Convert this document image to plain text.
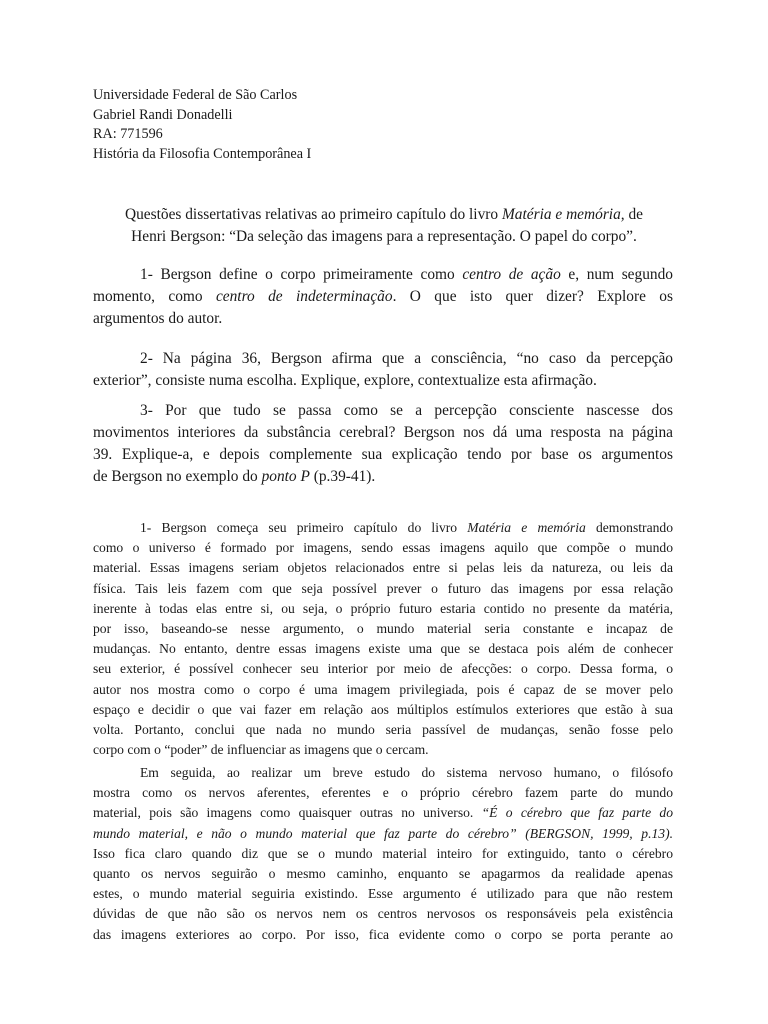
Universidade Federal de São Carlos
Gabriel Randi Donadelli
RA: 771596
História da Filosofia Contemporânea I
Questões dissertativas relativas ao primeiro capítulo do livro Matéria e memória, de
Henri Bergson: “Da seleção das imagens para a representação. O papel do corpo”.
1- Bergson define o corpo primeiramente como centro de ação e, num segundo
momento, como centro de indeterminação. O que isto quer dizer? Explore os
argumentos do autor.
2- Na página 36, Bergson afirma que a consciência, “no caso da percepção
exterior”, consiste numa escolha. Explique, explore, contextualize esta afirmação.
3- Por que tudo se passa como se a percepção consciente nascesse dos
movimentos interiores da substância cerebral? Bergson nos dá uma resposta na página
39. Explique-a, e depois complemente sua explicação tendo por base os argumentos
de Bergson no exemplo do ponto P (p.39-41).
1- Bergson começa seu primeiro capítulo do livro Matéria e memória demonstrando
como o universo é formado por imagens, sendo essas imagens aquilo que compõe o mundo
material. Essas imagens seriam objetos relacionados entre si pelas leis da natureza, ou leis da
física. Tais leis fazem com que seja possível prever o futuro das imagens por essa relação
inerente à todas elas entre si, ou seja, o próprio futuro estaria contido no presente da matéria,
por isso, baseando-se nesse argumento, o mundo material seria constante e incapaz de
mudanças. No entanto, dentre essas imagens existe uma que se destaca pois além de conhecer
seu exterior, é possível conhecer seu interior por meio de afecções: o corpo. Dessa forma, o
autor nos mostra como o corpo é uma imagem privilegiada, pois é capaz de se mover pelo
espaço e decidir o que vai fazer em relação aos múltiplos estímulos exteriores que estão à sua
volta. Portanto, conclui que nada no mundo seria passível de mudanças, senão fosse pelo
corpo com o “poder” de influenciar as imagens que o cercam.
Em seguida, ao realizar um breve estudo do sistema nervoso humano, o filósofo
mostra como os nervos aferentes, eferentes e o próprio cérebro fazem parte do mundo
material, pois são imagens como quaisquer outras no universo. “É o cérebro que faz parte do
mundo material, e não o mundo material que faz parte do cérebro” (BERGSON, 1999, p.13).
Isso fica claro quando diz que se o mundo material inteiro for extinguido, tanto o cérebro
quanto os nervos seguirão o mesmo caminho, enquanto se apagarmos da realidade apenas
estes, o mundo material seguiria existindo. Esse argumento é utilizado para que não restem
dúvidas de que não são os nervos nem os centros nervosos os responsáveis pela existência
das imagens exteriores ao corpo. Por isso, fica evidente como o corpo se porta perante ao
